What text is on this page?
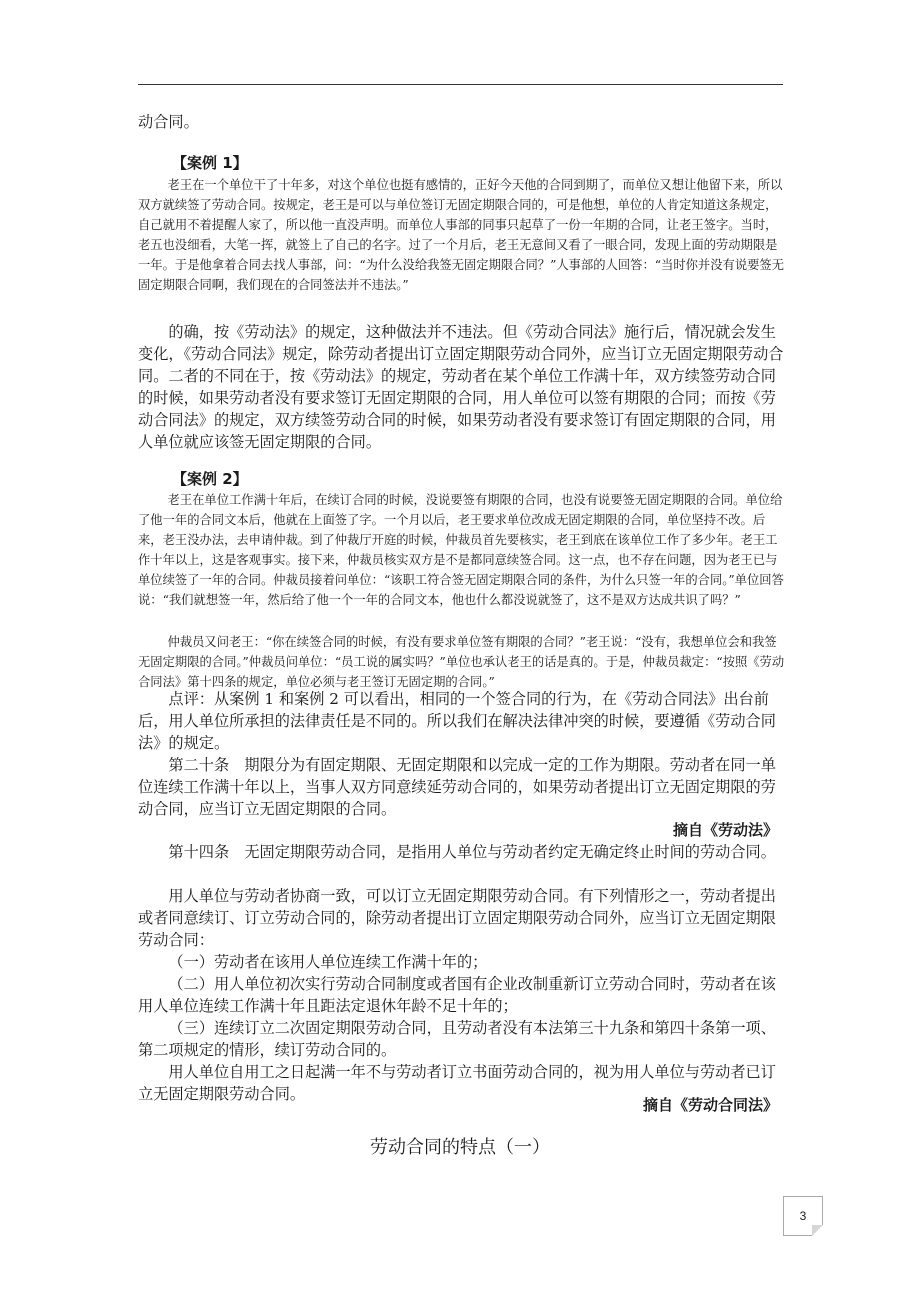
动合同。

【案例 1】

老王在一个单位干了十年多，对这个单位也挺有感情的，正好今天他的合同到期了，而单位又想让他留下来，所以双方就续签了劳动合同。按规定，老王是可以与单位签订无固定期限合同的，可是他想，单位的人肯定知道这条规定，自己就用不着提醒人家了，所以他一直没声明。而单位人事部的同事只起草了一份一年期的合同，让老王签字。当时，老五也没细看，大笔一挥，就签上了自己的名字。过了一个月后，老王无意间又看了一眼合同，发现上面的劳动期限是一年。于是他拿着合同去找人事部，问：“为什么没给我签无固定期限合同？”人事部的人回答：“当时你并没有说要签无固定期限合同啊，我们现在的合同签法并不违法。”

的确，按《劳动法》的规定，这种做法并不违法。但《劳动合同法》施行后，情况就会发生变化，《劳动合同法》规定，除劳动者提出订立固定期限劳动合同外，应当订立无固定期限劳动合同。二者的不同在于，按《劳动法》的规定，劳动者在某个单位工作满十年，双方续签劳动合同的时候，如果劳动者没有要求签订无固定期限的合同，用人单位可以签有期限的合同；而按《劳动合同法》的规定，双方续签劳动合同的时候，如果劳动者没有要求签订有固定期限的合同，用人单位就应该签无固定期限的合同。

【案例 2】

老王在单位工作满十年后，在续订合同的时候，没说要签有期限的合同，也没有说要签无固定期限的合同。单位给了他一年的合同文本后，他就在上面签了字。一个月以后，老王要求单位改成无固定期限的合同，单位坚持不改。后来，老王没办法，去申请仲裁。到了仲裁厅开庭的时候，仲裁员首先要核实，老王到底在该单位工作了多少年。老王工作十年以上，这是客观事实。接下来，仲裁员核实双方是不是都同意续签合同。这一点，也不存在问题，因为老王已与单位续签了一年的合同。仲裁员接着问单位：“该职工符合签无固定期限合同的条件，为什么只签一年的合同。”单位回答说：“我们就想签一年，然后给了他一个一年的合同文本，他也什么都没说就签了，这不是双方达成共识了吗？”

仲裁员又问老王：“你在续签合同的时候，有没有要求单位签有期限的合同？”老王说：“没有，我想单位会和我签无固定期限的合同。”仲裁员问单位：“员工说的属实吗？”单位也承认老王的话是真的。于是，仲裁员裁定：“按照《劳动合同法》第十四条的规定，单位必须与老王签订无固定期的合同。”

点评：从案例 1 和案例 2 可以看出，相同的一个签合同的行为，在《劳动合同法》出台前后，用人单位所承担的法律责任是不同的。所以我们在解决法律冲突的时候，要遵循《劳动合同法》的规定。

第二十条　期限分为有固定期限、无固定期限和以完成一定的工作为期限。劳动者在同一单位连续工作满十年以上，当事人双方同意续延劳动合同的，如果劳动者提出订立无固定期限的劳动合同，应当订立无固定期限的合同。

摘自《劳动法》

第十四条　无固定期限劳动合同，是指用人单位与劳动者约定无确定终止时间的劳动合同。

用人单位与劳动者协商一致，可以订立无固定期限劳动合同。有下列情形之一，劳动者提出或者同意续订、订立劳动合同的，除劳动者提出订立固定期限劳动合同外，应当订立无固定期限劳动合同：

（一）劳动者在该用人单位连续工作满十年的；

（二）用人单位初次实行劳动合同制度或者国有企业改制重新订立劳动合同时，劳动者在该用人单位连续工作满十年且距法定退休年龄不足十年的；

（三）连续订立二次固定期限劳动合同，且劳动者没有本法第三十九条和第四十条第一项、第二项规定的情形，续订劳动合同的。

用人单位自用工之日起满一年不与劳动者订立书面劳动合同的，视为用人单位与劳动者已订立无固定期限劳动合同。

摘自《劳动合同法》

劳动合同的特点（一）

3
